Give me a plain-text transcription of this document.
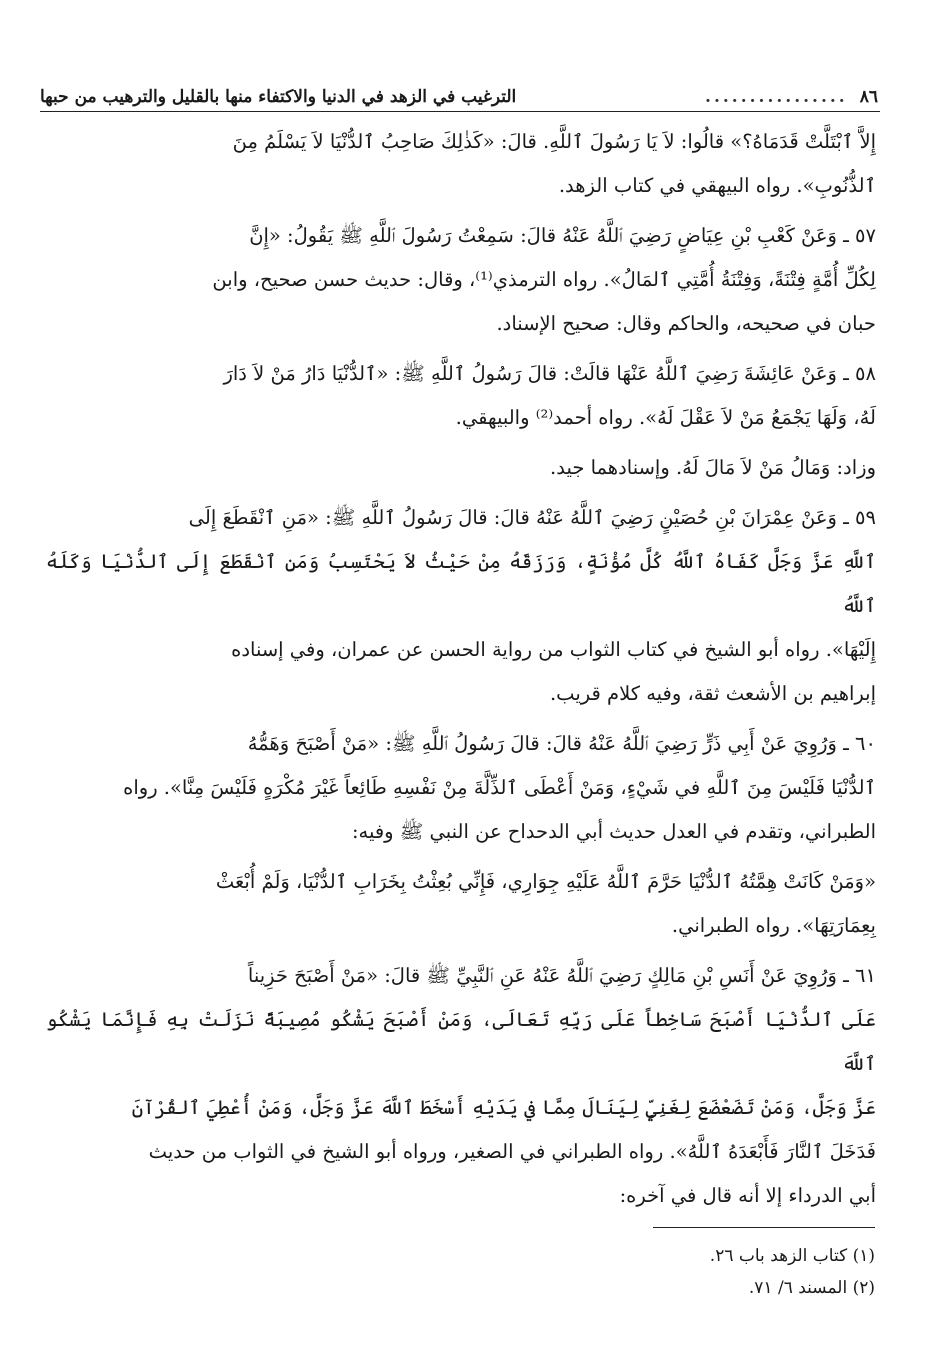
٨٦
................
الترغيب في الزهد في الدنيا والاكتفاء منها بالقليل والترهيب من حبها

إِلاَّ ٱبْتَلَّتْ قَدَمَاهُ؟» قالُوا: لاَ يَا رَسُولَ ٱللَّهِ. قالَ: «كَذٰلِكَ صَاحِبُ ٱلدُّنْيَا لاَ يَسْلَمُ مِنَ

ٱلذُّنُوبِ». رواه البيهقي في كتاب الزهد.

٥٧ ـ وَعَنْ كَعْبِ بْنِ عِيَاضٍ رَضِيَ ٱللَّهُ عَنْهُ قالَ: سَمِعْتُ رَسُولَ ٱللَّهِ ﷺ يَقُولُ: «إِنَّ

لِكُلِّ أُمَّةٍ فِتْنَةً، وَفِتْنَةُ أُمَّتِي ٱلمَالُ». رواه الترمذي⁽¹⁾، وقال: حديث حسن صحيح، وابن

حبان في صحيحه، والحاكم وقال: صحيح الإسناد.

٥٨ ـ وَعَنْ عَائِشَةَ رَضِيَ ٱللَّهُ عَنْهَا قالَتْ: قالَ رَسُولُ ٱللَّهِ ﷺ: «ٱلدُّنْيَا دَارُ مَنْ لاَ دَارَ

لَهُ، وَلَهَا يَجْمَعُ مَنْ لاَ عَقْلَ لَهُ». رواه أحمد⁽²⁾ والبيهقي.

وزاد: وَمَالُ مَنْ لاَ مَالَ لَهُ. وإسنادهما جيد.

٥٩ ـ وَعَنْ عِمْرَانَ بْنِ حُصَيْنٍ رَضِيَ ٱللَّهُ عَنْهُ قالَ: قالَ رَسُولُ ٱللَّهِ ﷺ: «مَنِ ٱنْقَطَعَ إِلَى

ٱللَّهِ عَزَّ وَجَلَّ كَفَاهُ ٱللَّهُ كُلَّ مُؤْنَةٍ، وَرَزَقَهُ مِنْ حَيْثُ لاَ يَحْتَسِبُ وَمَنِ ٱنْقَطَعَ إِلَى ٱلدُّنْيَا وَكَلَهُ ٱللَّهُ

إِلَيْهَا». رواه أبو الشيخ في كتاب الثواب من رواية الحسن عن عمران، وفي إسناده

إبراهيم بن الأشعث ثقة، وفيه كلام قريب.

٦٠ ـ وَرُوِيَ عَنْ أَبِي ذَرٍّ رَضِيَ ٱللَّهُ عَنْهُ قالَ: قالَ رَسُولُ ٱللَّهِ ﷺ: «مَنْ أَصْبَحَ وَهَمُّهُ

ٱلدُّنْيَا فَلَيْسَ مِنَ ٱللَّهِ في شَيْءٍ، وَمَنْ أَعْطَى ٱلذِّلَّةَ مِنْ نَفْسِهِ طَائِعاً غَيْرَ مُكْرَهٍ فَلَيْسَ مِنَّا». رواه

الطبراني، وتقدم في العدل حديث أبي الدحداح عن النبي ﷺ وفيه:

«وَمَنْ كَانَتْ هِمَّتُهُ ٱلدُّنْيَا حَرَّمَ ٱللَّهُ عَلَيْهِ جِوَارِي، فَإِنِّي بُعِثْتُ بِخَرَابِ ٱلدُّنْيَا، وَلَمْ أُبْعَثْ

بِعِمَارَتِهَا». رواه الطبراني.

٦١ ـ وَرُوِيَ عَنْ أَنَسِ بْنِ مَالِكٍ رَضِيَ ٱللَّهُ عَنْهُ عَنِ ٱلنَّبِيِّ ﷺ قالَ: «مَنْ أَصْبَحَ حَزِيناً

عَلَى ٱلدُّنْيَا أَصْبَحَ سَاخِطاً عَلَى رَبِّهِ تَعَالَى، وَمَنْ أَصْبَحَ يَشْكُو مُصِيبَةً نَزَلَتْ بِهِ فَإِنَّمَا يَشْكُو ٱللَّهَ

عَزَّ وَجَلَّ، وَمَنْ تَضَعْضَعَ لِغَنِيٍّ لِيَنَالَ مِمَّا في يَدَيْهِ أَسْخَطَ ٱللَّهَ عَزَّ وَجَلَّ، وَمَنْ أُعْطِيَ ٱلقُرْآنَ

فَدَخَلَ ٱلنَّارَ فَأَبْعَدَهُ ٱللَّهُ». رواه الطبراني في الصغير، ورواه أبو الشيخ في الثواب من حديث

أبي الدرداء إلا أنه قال في آخره:

(١) كتاب الزهد باب ٢٦.
(٢) المسند ٦/ ٧١.
